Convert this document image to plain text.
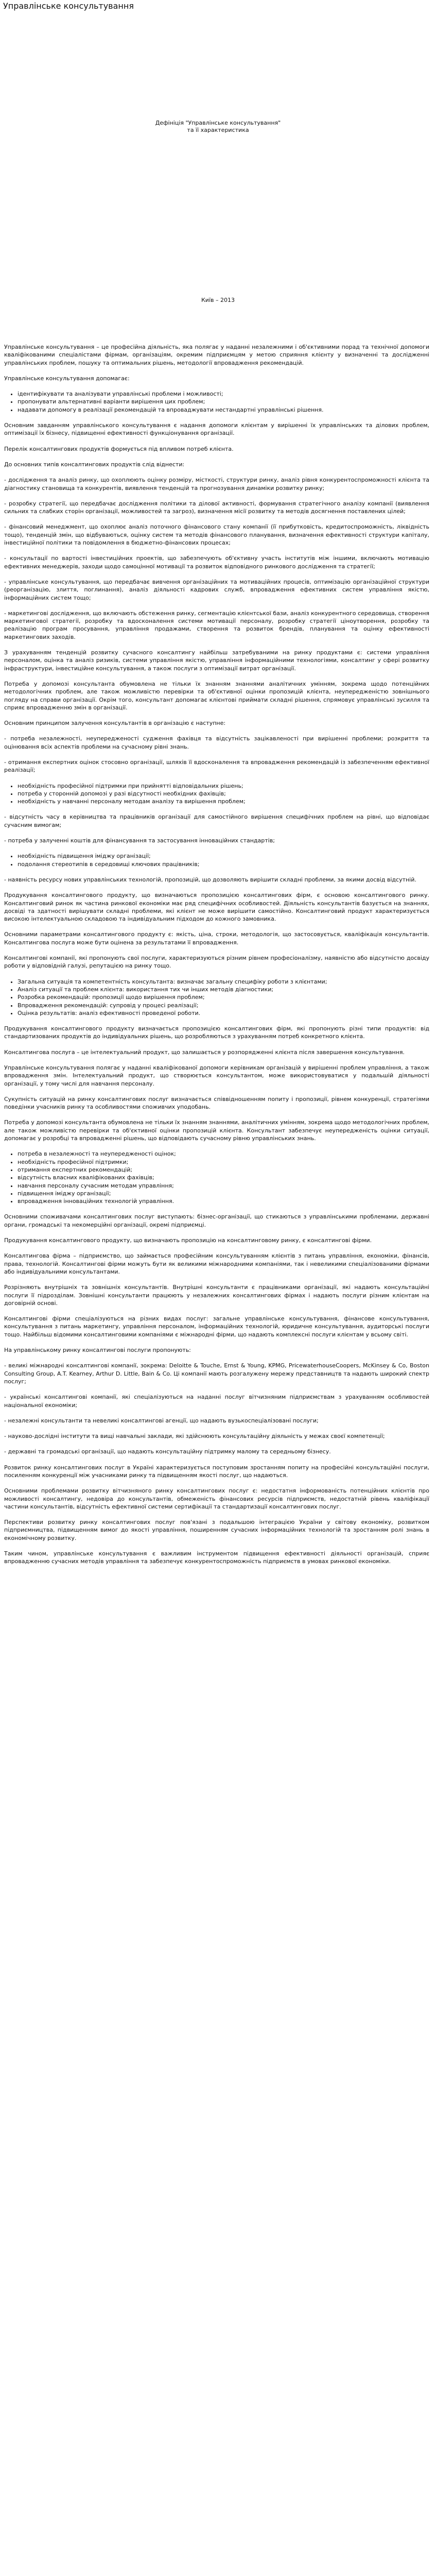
Управлінське консультування
Дефініція "Управлінське консультування"
та її характеристика
Київ – 2013

Управлінське консультування – це професійна діяльність, яка полягає у наданні незалежними і об'єктивними порад та технічної допомоги кваліфікованими спеціалістами фірмам, організаціям, окремим підприємцям у метою сприяння клієнту у визначенні та дослідженні управлінських проблем, пошуку та оптимальних рішень, методології впровадження рекомендацій.

Управлінське консультування допомагає:

• ідентифікувати та аналізувати управлінські проблеми і можливості;
• пропонувати альтернативні варіанти вирішення цих проблем;
• надавати допомогу в реалізації рекомендацій та впроваджувати нестандартні управлінські рішення.

Основним завданням управлінського консультування є надання допомоги клієнтам у вирішенні їх управлінських та ділових проблем, оптимізації їх бізнесу, підвищенні ефективності функціонування організації.

Перелік консалтингових продуктів формується під впливом потреб клієнта.

До основних типів консалтингових продуктів слід віднести:

- дослідження та аналіз ринку, що охоплюють оцінку розміру, місткості, структури ринку, аналіз рівня конкурентоспроможності клієнта та діагностику становища та конкурентів, виявлення тенденцій та прогнозування динаміки розвитку ринку;

- розробку стратегії, що передбачає дослідження політики та ділової активності, формування стратегічного аналізу компанії (виявлення сильних та слабких сторін організації, можливостей та загроз), визначення місії розвитку та методів досягнення поставлених цілей;

- фінансовий менеджмент, що охоплює аналіз поточного фінансового стану компанії (її прибутковість, кредитоспроможність, ліквідність тощо), тенденцій змін, що відбуваються, оцінку систем та методів фінансового планування, визначення ефективності структури капіталу, інвестиційної політики та повідомлення в бюджетно-фінансових процесах;

- консультації по вартості інвестиційних проектів, що забезпечують об'єктивну участь інститутів між іншими, включають мотивацію ефективних менеджерів, заходи щодо самоцінної мотивації та розвиток відповідного ринкового дослідження та стратегії;

- управлінське консультування, що передбачає вивчення організаційних та мотиваційних процесів, оптимізацію організаційної структури (реорганізацію, злиття, поглинання), аналіз діяльності кадрових служб, впровадження ефективних систем управління якістю, інформаційних систем тощо;

- маркетингові дослідження, що включають обстеження ринку, сегментацію клієнтської бази, аналіз конкурентного середовища, створення маркетингової стратегії, розробку та вдосконалення системи мотивації персоналу, розробку стратегії ціноутворення, розробку та реалізацію програм просування, управління продажами, створення та розвиток брендів, планування та оцінку ефективності маркетингових заходів.

З урахуванням тенденцій розвитку сучасного консалтингу найбільш затребуваними на ринку продуктами є: системи управління персоналом, оцінка та аналіз ризиків, системи управління якістю, управління інформаційними технологіями, консалтинг у сфері розвитку інфраструктури, інвестиційне консультування, а також послуги з оптимізації витрат організації.

Потреба у допомозі консультанта обумовлена не тільки їх знанням знаннями аналітичних умінням, зокрема щодо потенційних методологічних проблем, але також можливістю перевірки та об'єктивної оцінки пропозицій клієнта, неупередженістю зовнішнього погляду на справи організації. Окрім того, консультант допомагає клієнтові приймати складні рішення, спрямовує управлінські зусилля та сприяє впровадженню змін в організації.

Основним принципом залучення консультантів в організацію є наступне:

- потреба незалежності, неупередженості судження фахівця та відсутність зацікавленості при вирішенні проблеми; розкриття та оцінювання всіх аспектів проблеми на сучасному рівні знань.

- отримання експертних оцінок стосовно організації, шляхів її вдосконалення та впровадження рекомендацій із забезпеченням ефективної реалізації;

• необхідність професійної підтримки при прийнятті відповідальних рішень;
• потреба у сторонній допомозі у разі відсутності необхідних фахівців;
• необхідність у навчанні персоналу методам аналізу та вирішення проблем;

- відсутність часу в керівництва та працівників організації для самостійного вирішення специфічних проблем на рівні, що відповідає сучасним вимогам;

- потреба у залученні коштів для фінансування та застосування інноваційних стандартів;

• необхідність підвищення іміджу організації;
• подолання стереотипів в середовищі ключових працівників;

- наявність ресурсу нових управлінських технологій, пропозицій, що дозволяють вирішити складні проблеми, за якими досвід відсутній.

Продукування консалтингового продукту, що визначаються пропозицією консалтингових фірм, є основою консалтингового ринку. Консалтинговий ринок як частина ринкової економіки має ряд специфічних особливостей. Діяльність консультантів базується на знаннях, досвіді та здатності вирішувати складні проблеми, які клієнт не може вирішити самостійно. Консалтинговий продукт характеризується високою інтелектуальною складовою та індивідуальним підходом до кожного замовника.

Основними параметрами консалтингового продукту є: якість, ціна, строки, методологія, що застосовується, кваліфікація консультантів. Консалтингова послуга може бути оцінена за результатами її впровадження.

Консалтингові компанії, які пропонують свої послуги, характеризуються різним рівнем професіоналізму, наявністю або відсутністю досвіду роботи у відповідній галузі, репутацією на ринку тощо.

• Загальна ситуація та компетентність консультанта: визначає загальну специфіку роботи з клієнтами;
• Аналіз ситуації та проблем клієнта: використання тих чи інших методів діагностики;
• Розробка рекомендацій: пропозиції щодо вирішення проблем;
• Впровадження рекомендацій: супровід у процесі реалізації;
• Оцінка результатів: аналіз ефективності проведеної роботи.

Продукування консалтингового продукту визначається пропозицією консалтингових фірм, які пропонують різні типи продуктів: від стандартизованих продуктів до індивідуальних рішень, що розробляються з урахуванням потреб конкретного клієнта.

Консалтингова послуга – це інтелектуальний продукт, що залишається у розпорядженні клієнта після завершення консультування.

Управлінське консультування полягає у наданні кваліфікованої допомоги керівникам організацій у вирішенні проблем управління, а також впровадження змін. Інтелектуальний продукт, що створюється консультантом, може використовуватися у подальшій діяльності організації, у тому числі для навчання персоналу.

Сукупність ситуацій на ринку консалтингових послуг визначається співвідношенням попиту і пропозиції, рівнем конкуренції, стратегіями поведінки учасників ринку та особливостями споживчих уподобань.

Потреба у допомозі консультанта обумовлена не тільки їх знанням знаннями, аналітичних умінням, зокрема щодо методологічних проблем, але також можливістю перевірки та об'єктивної оцінки пропозицій клієнта. Консультант забезпечує неупередженість оцінки ситуації, допомагає у розробці та впровадженні рішень, що відповідають сучасному рівню управлінських знань.

• потреба в незалежності та неупередженості оцінок;
• необхідність професійної підтримки;
• отримання експертних рекомендацій;
• відсутність власних кваліфікованих фахівців;
• навчання персоналу сучасним методам управління;
• підвищення іміджу організації;
• впровадження інноваційних технологій управління.

Основними споживачами консалтингових послуг виступають: бізнес-організації, що стикаються з управлінськими проблемами, державні органи, громадські та некомерційні організації, окремі підприємці.

Продукування консалтингового продукту, що визначають пропозицію на консалтинговому ринку, є консалтингові фірми.

Консалтингова фірма – підприємство, що займається професійним консультуванням клієнтів з питань управління, економіки, фінансів, права, технологій. Консалтингові фірми можуть бути як великими міжнародними компаніями, так і невеликими спеціалізованими фірмами або індивідуальними консультантами.

Розрізняють внутрішніх та зовнішніх консультантів. Внутрішні консультанти є працівниками організації, які надають консультаційні послуги її підрозділам. Зовнішні консультанти працюють у незалежних консалтингових фірмах і надають послуги різним клієнтам на договірній основі.

Консалтингові фірми спеціалізуються на різних видах послуг: загальне управлінське консультування, фінансове консультування, консультування з питань маркетингу, управління персоналом, інформаційних технологій, юридичне консультування, аудиторські послуги тощо. Найбільш відомими консалтинговими компаніями є міжнародні фірми, що надають комплексні послуги клієнтам у всьому світі.

На управлінському ринку консалтингові послуги пропонують:

- великі міжнародні консалтингові компанії, зокрема: Deloitte & Touche, Ernst & Young, KPMG, PricewaterhouseCoopers, McKinsey & Co, Boston Consulting Group, A.T. Kearney, Arthur D. Little, Bain & Co. Ці компанії мають розгалужену мережу представництв та надають широкий спектр послуг;

- українські консалтингові компанії, які спеціалізуються на наданні послуг вітчизняним підприємствам з урахуванням особливостей національної економіки;

- незалежні консультанти та невеликі консалтингові агенції, що надають вузькоспеціалізовані послуги;

- науково-дослідні інститути та вищі навчальні заклади, які здійснюють консультаційну діяльність у межах своєї компетенції;

- державні та громадські організації, що надають консультаційну підтримку малому та середньому бізнесу.

Розвиток ринку консалтингових послуг в Україні характеризується поступовим зростанням попиту на професійні консультаційні послуги, посиленням конкуренції між учасниками ринку та підвищенням якості послуг, що надаються.

Основними проблемами розвитку вітчизняного ринку консалтингових послуг є: недостатня інформованість потенційних клієнтів про можливості консалтингу, недовіра до консультантів, обмеженість фінансових ресурсів підприємств, недостатній рівень кваліфікації частини консультантів, відсутність ефективної системи сертифікації та стандартизації консалтингових послуг.

Перспективи розвитку ринку консалтингових послуг пов'язані з подальшою інтеграцією України у світову економіку, розвитком підприємництва, підвищенням вимог до якості управління, поширенням сучасних інформаційних технологій та зростанням ролі знань в економічному розвитку.

Таким чином, управлінське консультування є важливим інструментом підвищення ефективності діяльності організацій, сприяє впровадженню сучасних методів управління та забезпечує конкурентоспроможність підприємств в умовах ринкової економіки.
